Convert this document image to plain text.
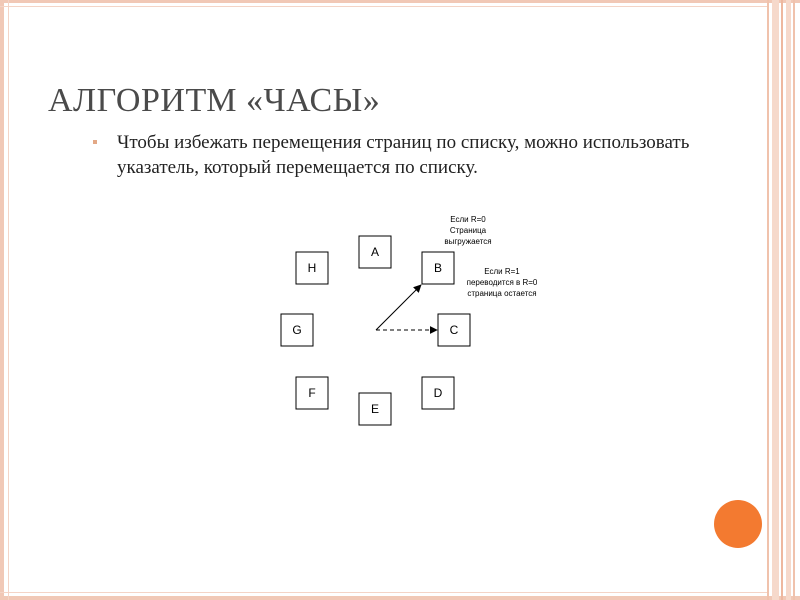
АЛГОРИТМ «ЧАСЫ»

Чтобы избежать перемещения страниц по списку, можно использовать указатель, который перемещается по списку.

A
B
C
D
E
F
G
H
Если R=0
Страница
выгружается
Если R=1
переводится в R=0
страница остается
